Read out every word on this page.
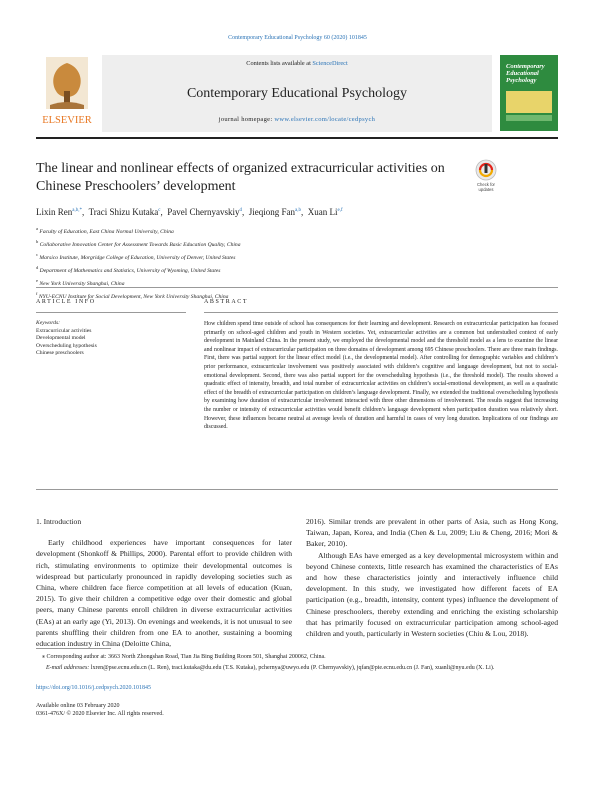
Contemporary Educational Psychology 60 (2020) 101845
ELSEVIER
Contents lists available at ScienceDirect
Contemporary Educational Psychology
journal homepage: www.elsevier.com/locate/cedpsych
Contemporary Educational Psychology
The linear and nonlinear effects of organized extracurricular activities on Chinese Preschoolers’ development	Check for updates
Lixin Ren$^{a,b,*}$,  Traci Shizu Kutaka$^c$,  Pavel Chernyavskiy$^d$,  Jieqiong Fan$^{a,b}$,  Xuan Li$^{e,f}$
$^a$ Faculty of Education, East China Normal University, China
$^b$ Collaborative Innovation Center for Assessment Towards Basic Education Quality, China
$^c$ Marsico Institute, Morgridge College of Education, University of Denver, United States
$^d$ Department of Mathematics and Statistics, University of Wyoming, United States
$^e$ New York University Shanghai, China
$^f$ NYU-ECNU Institute for Social Development, New York University Shanghai, China
ARTICLE INFO	ABSTRACT
Keywords:
Extracurricular activities
Developmental model
Overscheduling hypothesis
Chinese preschoolers
How children spend time outside of school has consequences for their learning and development. Research on extracurricular participation has focused primarily on school-aged children and youth in Western societies. Yet, extracurricular activities are a common but understudied context of early development in Mainland China. In the present study, we employed the developmental model and the threshold model as a lens to examine the linear and nonlinear impact of extracurricular participation on three domains of development among 695 Chinese preschoolers. There are three main findings. First, there was partial support for the linear effect model (i.e., the developmental model). After controlling for demographic variables and children’s prior performance, extracurricular involvement was positively associated with children’s cognitive and language development, but not to social-emotional development. Second, there was also partial support for the overscheduling hypothesis (i.e., the threshold model). The results showed a quadratic effect of intensity, breadth, and total number of extracurricular activities on children’s social-emotional development, as well as a quadratic effect of the breadth of extracurricular participation on children’s language development. Finally, we extended the traditional overscheduling hypothesis by examining how duration of extracurricular involvement interacted with three other dimensions of involvement. The results suggest that increasing the number or intensity of extracurricular activities would benefit children’s language development when participation duration was relatively short. However, these influences became neutral at average levels of duration and harmful in cases of very long duration. Implications of our findings are discussed.
1. Introduction

Early childhood experiences have important consequences for later development (Shonkoff & Phillips, 2000). Parental effort to provide children with rich, stimulating environments to optimize their developmental outcomes is widespread but particularly pronounced in rapidly developing societies such as China, where children face fierce competition at all levels of education (Kuan, 2015). To give their children a competitive edge over their domestic and global peers, many Chinese parents enroll children in diverse extracurricular activities (EAs) at an early age (Yi, 2013). On evenings and weekends, it is not unusual to see parents shuffling their children from one EA to another, sustaining a booming education industry in China (Deloitte China,

2016). Similar trends are prevalent in other parts of Asia, such as Hong Kong, Taiwan, Japan, Korea, and India (Chen & Lu, 2009; Liu & Cheng, 2016; Mori & Baker, 2010).

Although EAs have emerged as a key developmental microsystem within and beyond Chinese contexts, little research has examined the characteristics of EAs and how these characteristics jointly and interactively influence child development. In this study, we investigated how different facets of EA participation (e.g., breadth, intensity, content types) influence the development of Chinese preschoolers, thereby extending and enriching the existing scholarship that has primarily focused on extracurricular participation among school-aged children and youth, particularly in Western societies (Chiu & Lou, 2018).

⁎ Corresponding author at: 3663 North Zhongshan Road, Tian Jia Bing Building Room 501, Shanghai 200062, China.
E-mail addresses: lxren@pse.ecnu.edu.cn (L. Ren), traci.kutaka@du.edu (T.S. Kutaka), pchernya@uwyo.edu (P. Chernyavskiy), jqfan@pie.ecnu.edu.cn (J. Fan), xuanli@nyu.edu (X. Li).
https://doi.org/10.1016/j.cedpsych.2020.101845
Available online 03 February 2020
0361-476X/ © 2020 Elsevier Inc. All rights reserved.
